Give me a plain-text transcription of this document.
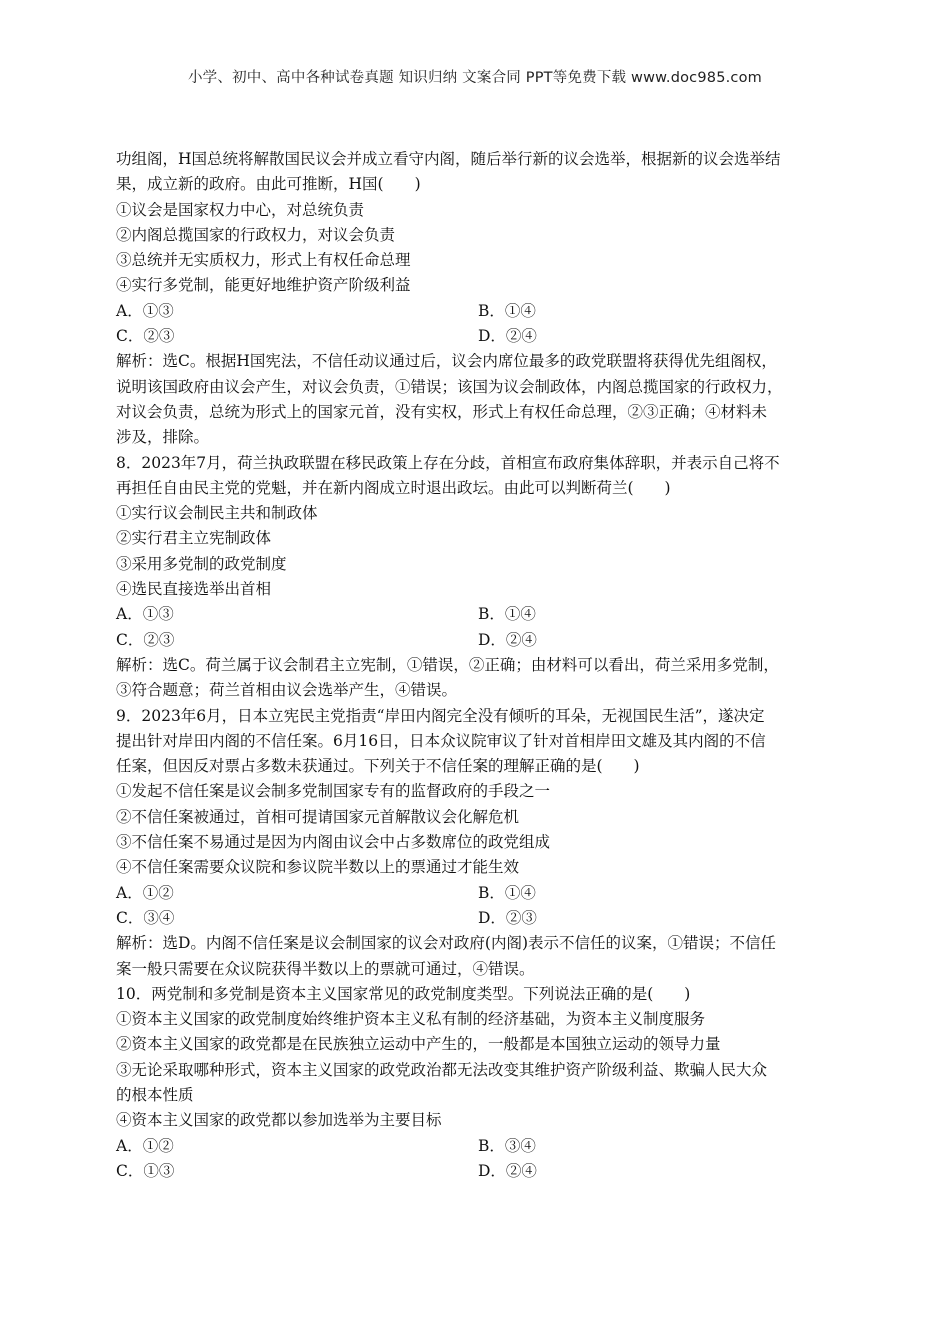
小学、初中、高中各种试卷真题 知识归纳 文案合同 PPT等免费下载 www.doc985.com
功组阁，H国总统将解散国民议会并成立看守内阁，随后举行新的议会选举，根据新的议会选举结
果，成立新的政府。由此可推断，H国(　　)
①议会是国家权力中心，对总统负责
②内阁总揽国家的行政权力，对议会负责
③总统并无实质权力，形式上有权任命总理
④实行多党制，能更好地维护资产阶级利益
A．①③	B．①④
C．②③	D．②④
解析：选C。根据H国宪法，不信任动议通过后，议会内席位最多的政党联盟将获得优先组阁权，
说明该国政府由议会产生，对议会负责，①错误；该国为议会制政体，内阁总揽国家的行政权力，
对议会负责，总统为形式上的国家元首，没有实权，形式上有权任命总理，②③正确；④材料未
涉及，排除。
8．2023年7月，荷兰执政联盟在移民政策上存在分歧，首相宣布政府集体辞职，并表示自己将不
再担任自由民主党的党魁，并在新内阁成立时退出政坛。由此可以判断荷兰(　　)
①实行议会制民主共和制政体
②实行君主立宪制政体
③采用多党制的政党制度
④选民直接选举出首相
A．①③	B．①④
C．②③	D．②④
解析：选C。荷兰属于议会制君主立宪制，①错误，②正确；由材料可以看出，荷兰采用多党制，
③符合题意；荷兰首相由议会选举产生，④错误。
9．2023年6月，日本立宪民主党指责“岸田内阁完全没有倾听的耳朵，无视国民生活”，遂决定
提出针对岸田内阁的不信任案。6月16日，日本众议院审议了针对首相岸田文雄及其内阁的不信
任案，但因反对票占多数未获通过。下列关于不信任案的理解正确的是(　　)
①发起不信任案是议会制多党制国家专有的监督政府的手段之一
②不信任案被通过，首相可提请国家元首解散议会化解危机
③不信任案不易通过是因为内阁由议会中占多数席位的政党组成
④不信任案需要众议院和参议院半数以上的票通过才能生效
A．①②	B．①④
C．③④	D．②③
解析：选D。内阁不信任案是议会制国家的议会对政府(内阁)表示不信任的议案，①错误；不信任
案一般只需要在众议院获得半数以上的票就可通过，④错误。
10．两党制和多党制是资本主义国家常见的政党制度类型。下列说法正确的是(　　)
①资本主义国家的政党制度始终维护资本主义私有制的经济基础，为资本主义制度服务
②资本主义国家的政党都是在民族独立运动中产生的，一般都是本国独立运动的领导力量
③无论采取哪种形式，资本主义国家的政党政治都无法改变其维护资产阶级利益、欺骗人民大众
的根本性质
④资本主义国家的政党都以参加选举为主要目标
A．①②	B．③④
C．①③	D．②④
